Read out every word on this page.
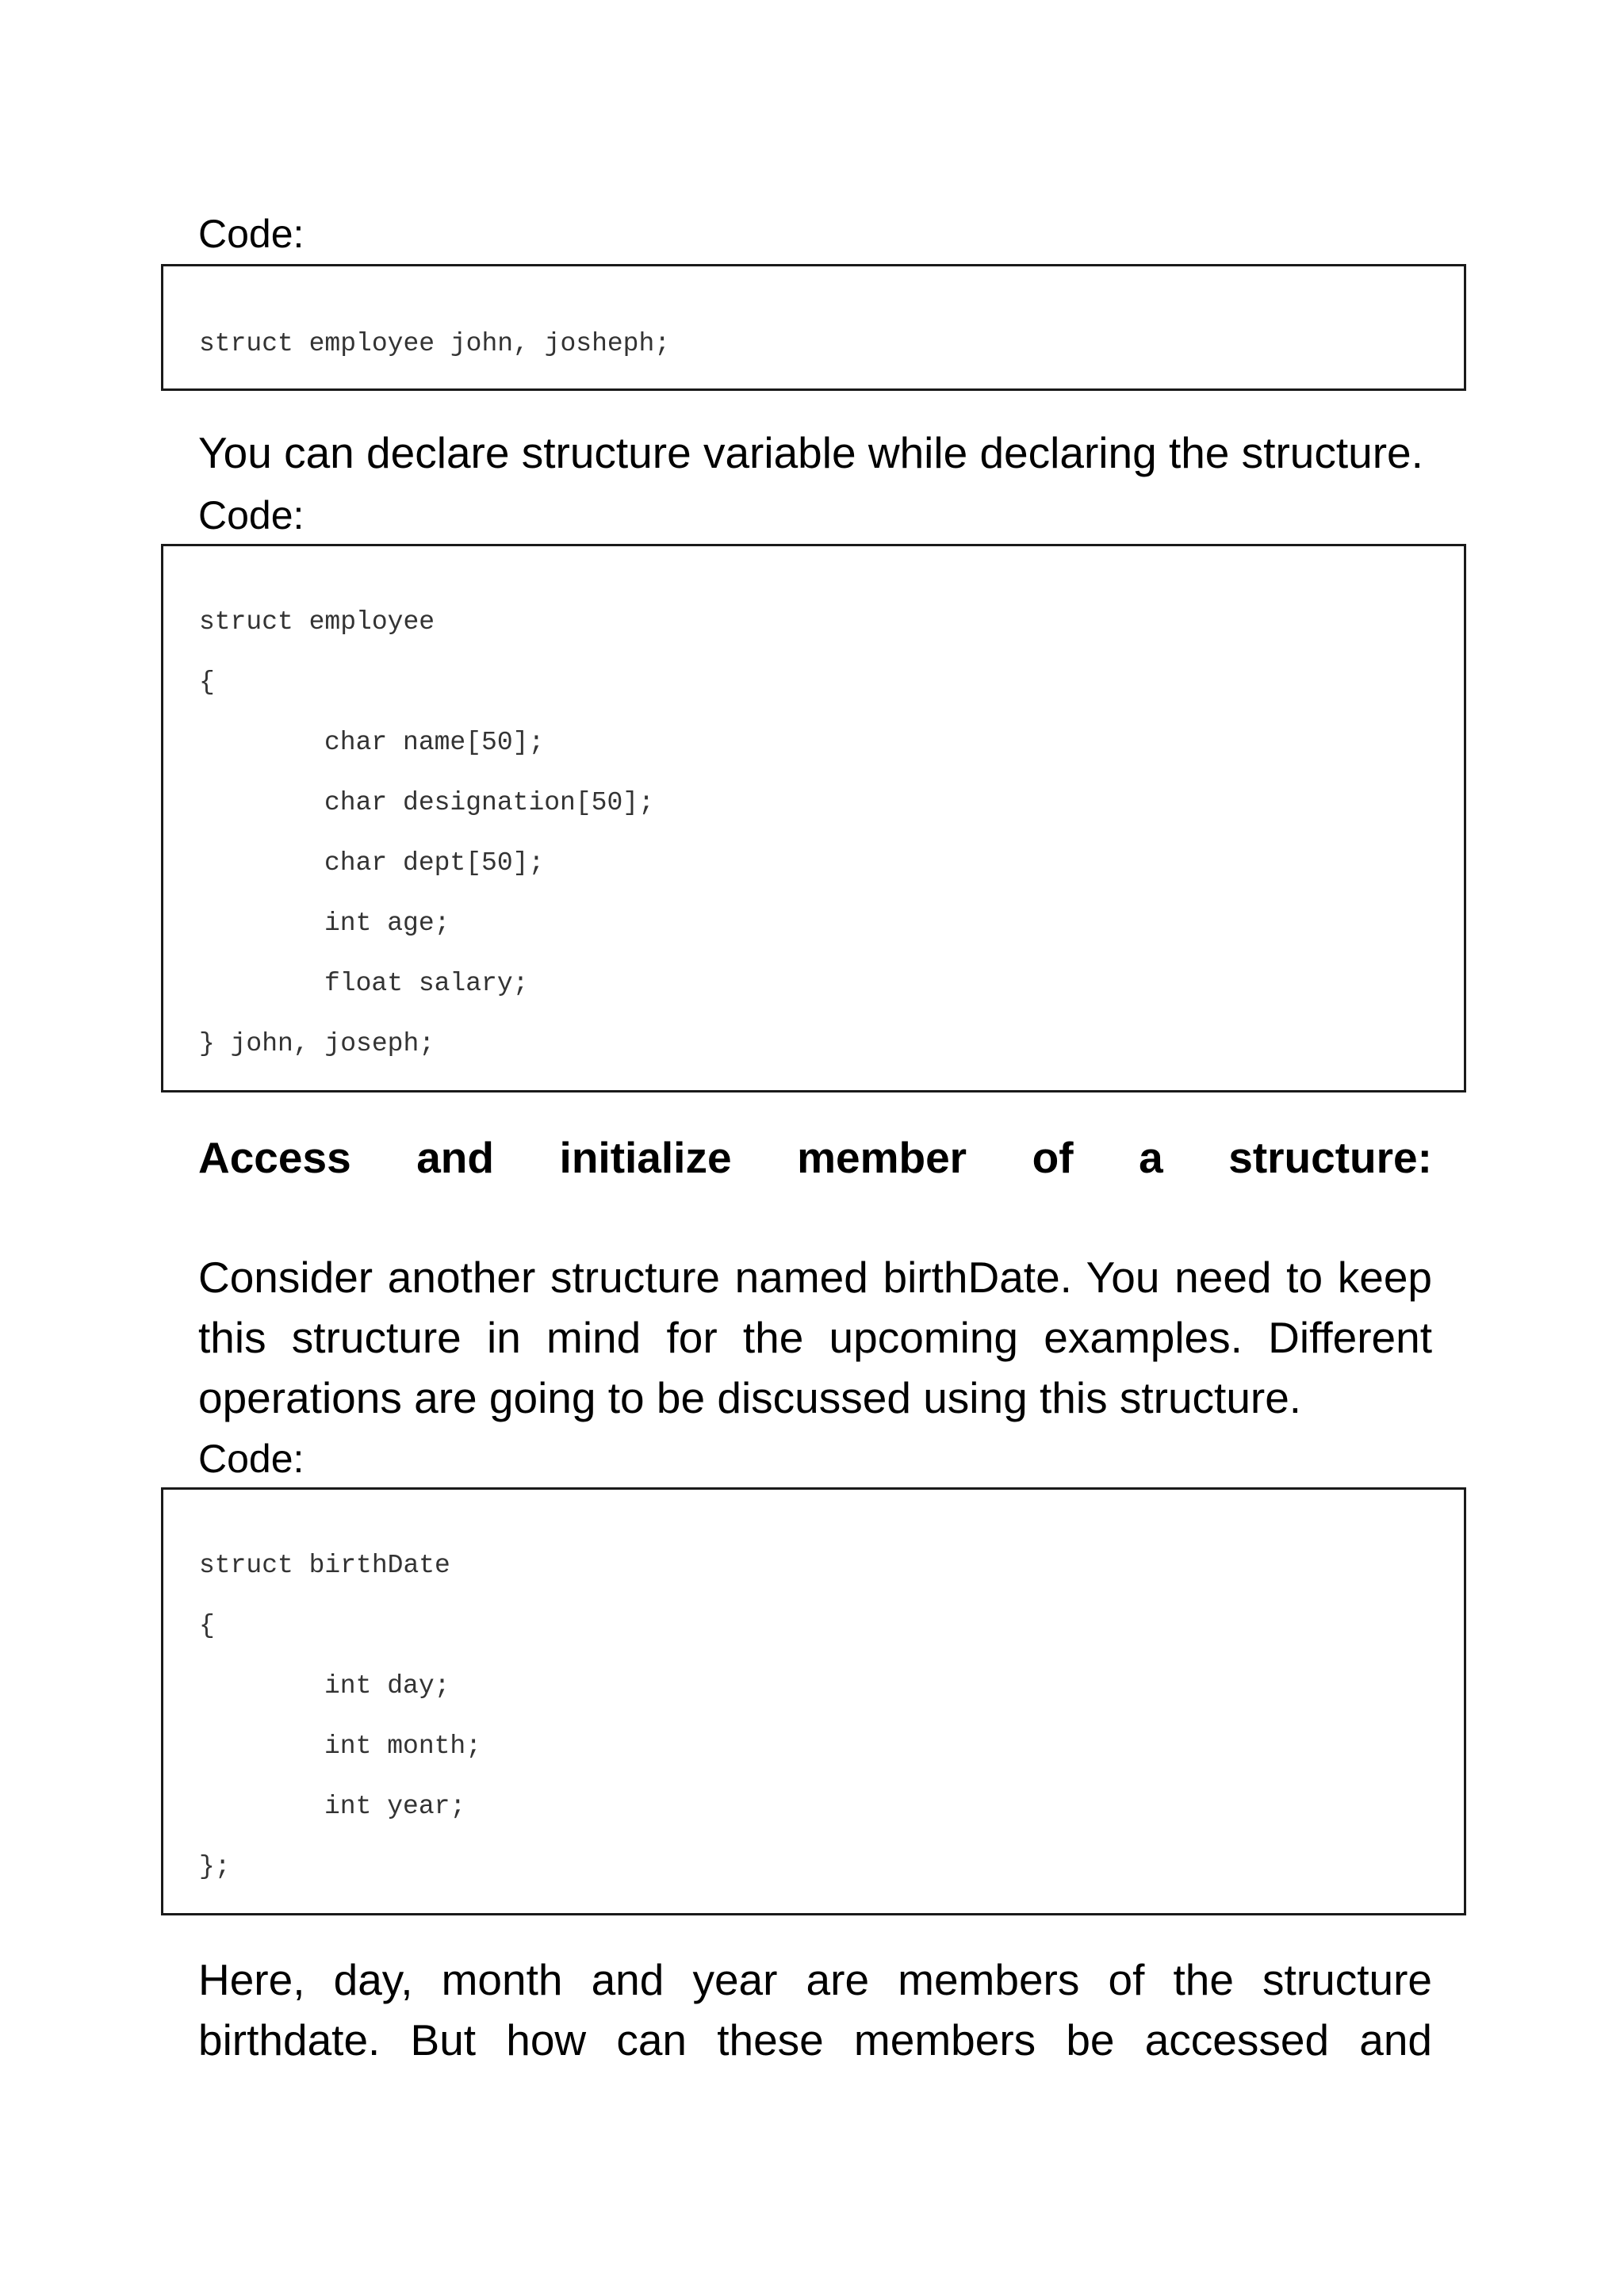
Code:

struct employee john, josheph;

You can declare structure variable while declaring the structure.

Code:

struct employee
{
char name[50];
char designation[50];
char dept[50];
int age;
float salary;
} john, joseph;
Access and initialize member of a structure:

Consider another structure named birthDate. You need to keep
this structure in mind for the upcoming examples. Different
operations are going to be discussed using this structure.

Code:

struct birthDate
{
int day;
int month;
int year;
};

Here, day, month and year are members of the structure
birthdate. But how can these members be accessed and
